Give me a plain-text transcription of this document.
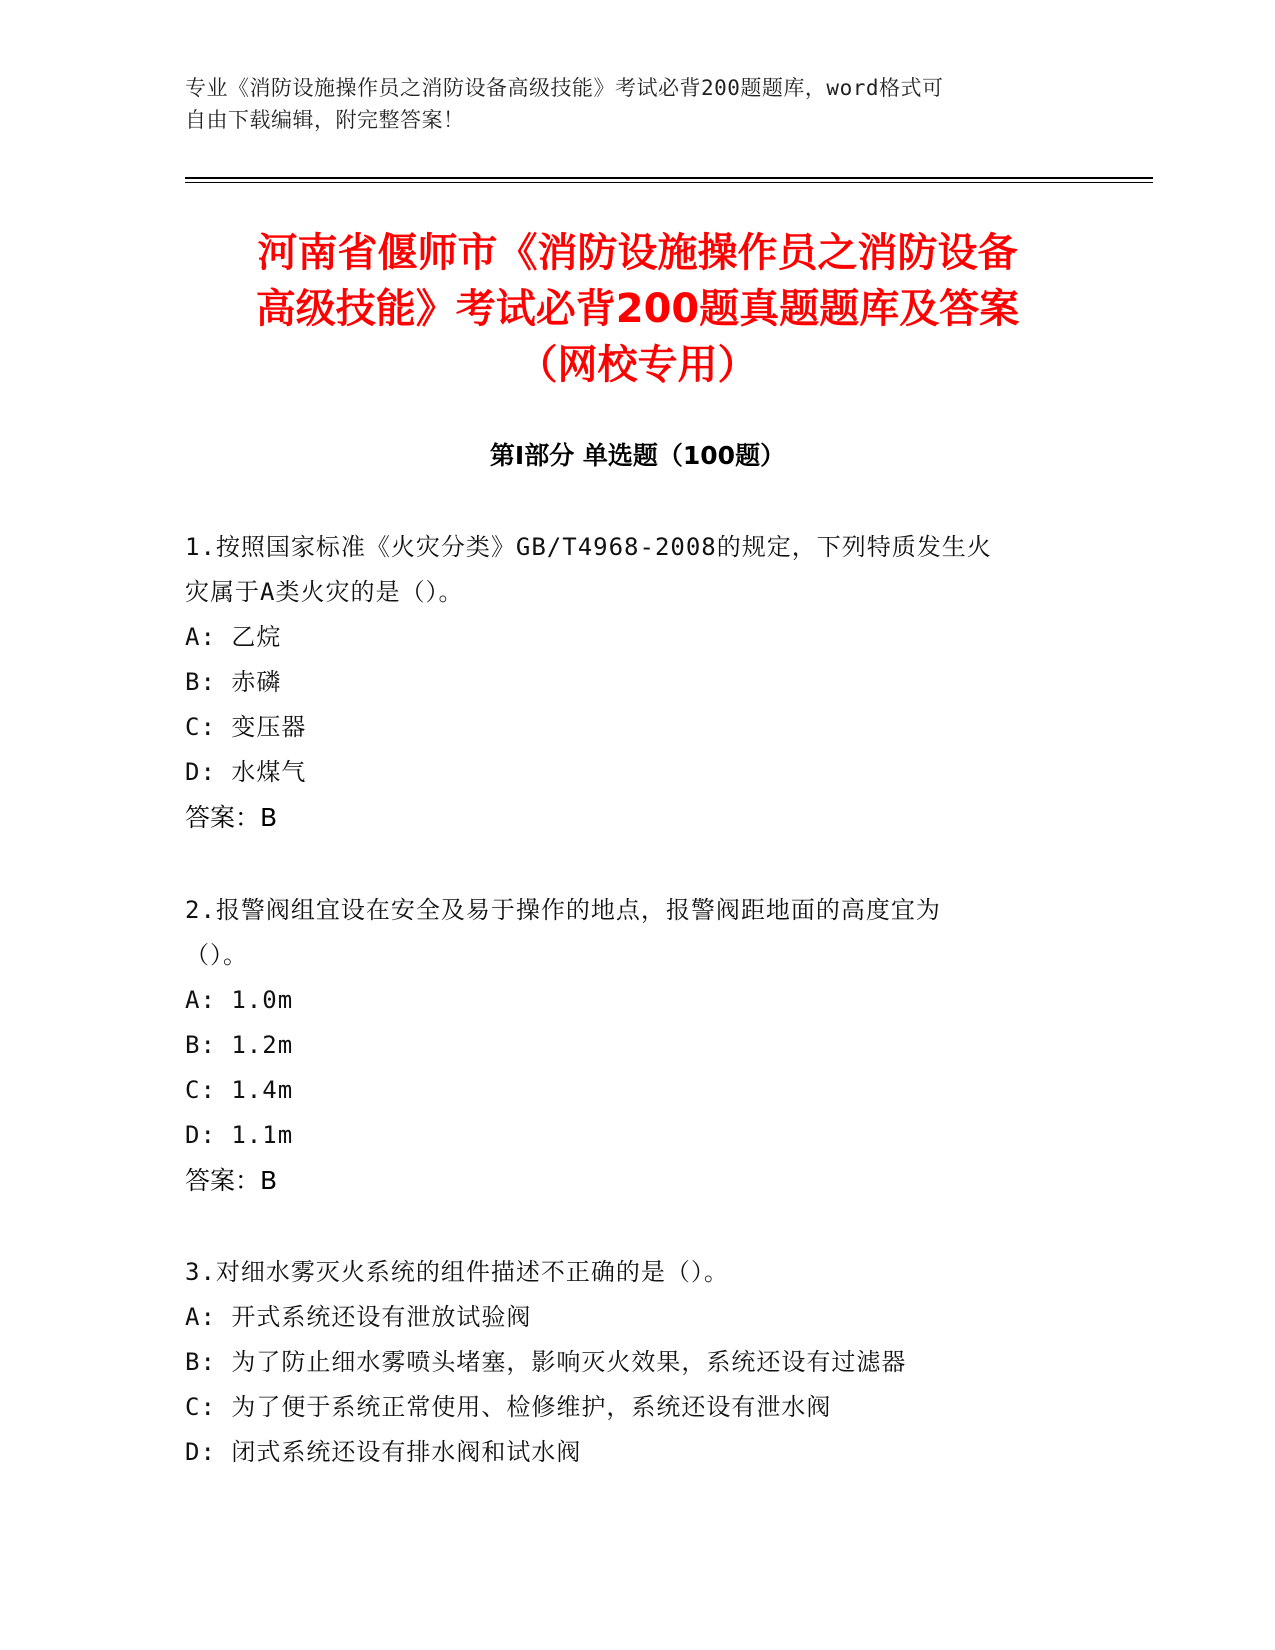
专业《消防设施操作员之消防设备高级技能》考试必背200题题库，word格式可
自由下载编辑，附完整答案！
河南省偃师市《消防设施操作员之消防设备
高级技能》考试必背200题真题题库及答案
（网校专用）
第Ⅰ部分 单选题（100题）
1.按照国家标准《火灾分类》GB/T4968-2008的规定，下列特质发生火
灾属于A类火灾的是（）。
A: 乙烷
B: 赤磷
C: 变压器
D: 水煤气
答案：B
2.报警阀组宜设在安全及易于操作的地点，报警阀距地面的高度宜为
（）。
A: 1.0m
B: 1.2m
C: 1.4m
D: 1.1m
答案：B
3.对细水雾灭火系统的组件描述不正确的是（）。
A: 开式系统还设有泄放试验阀
B: 为了防止细水雾喷头堵塞，影响灭火效果，系统还设有过滤器
C: 为了便于系统正常使用、检修维护，系统还设有泄水阀
D: 闭式系统还设有排水阀和试水阀
